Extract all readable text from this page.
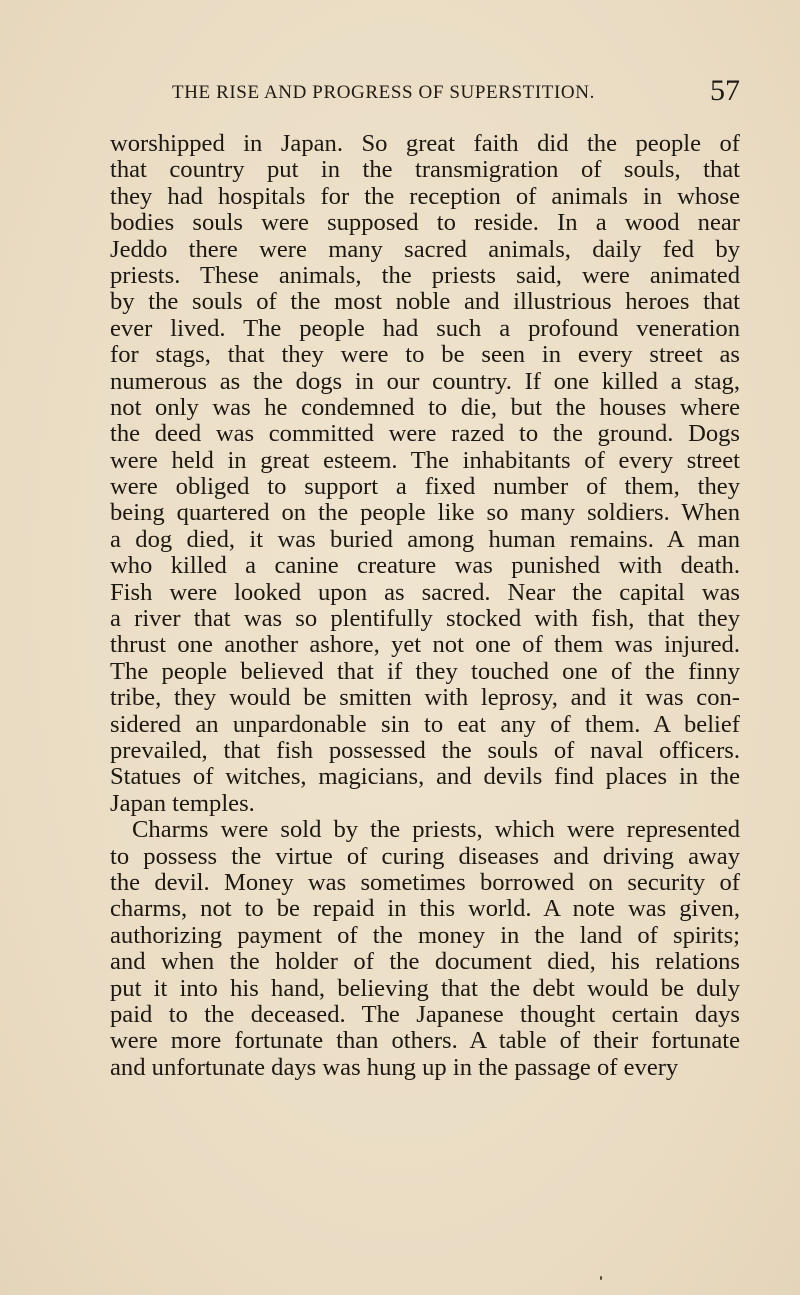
THE RISE AND PROGRESS OF SUPERSTITION.	57
worshipped in Japan. So great faith did the people of
that country put in the transmigration of souls, that
they had hospitals for the reception of animals in whose
bodies souls were supposed to reside. In a wood near
Jeddo there were many sacred animals, daily fed by
priests. These animals, the priests said, were animated
by the souls of the most noble and illustrious heroes that
ever lived. The people had such a profound veneration
for stags, that they were to be seen in every street as
numerous as the dogs in our country. If one killed a stag,
not only was he condemned to die, but the houses where
the deed was committed were razed to the ground. Dogs
were held in great esteem. The inhabitants of every street
were obliged to support a fixed number of them, they
being quartered on the people like so many soldiers. When
a dog died, it was buried among human remains. A man
who killed a canine creature was punished with death.
Fish were looked upon as sacred. Near the capital was
a river that was so plentifully stocked with fish, that they
thrust one another ashore, yet not one of them was injured.
The people believed that if they touched one of the finny
tribe, they would be smitten with leprosy, and it was con-
sidered an unpardonable sin to eat any of them. A belief
prevailed, that fish possessed the souls of naval officers.
Statues of witches, magicians, and devils find places in the
Japan temples.
Charms were sold by the priests, which were represented
to possess the virtue of curing diseases and driving away
the devil. Money was sometimes borrowed on security of
charms, not to be repaid in this world. A note was given,
authorizing payment of the money in the land of spirits;
and when the holder of the document died, his relations
put it into his hand, believing that the debt would be duly
paid to the deceased. The Japanese thought certain days
were more fortunate than others. A table of their fortunate
and unfortunate days was hung up in the passage of every
